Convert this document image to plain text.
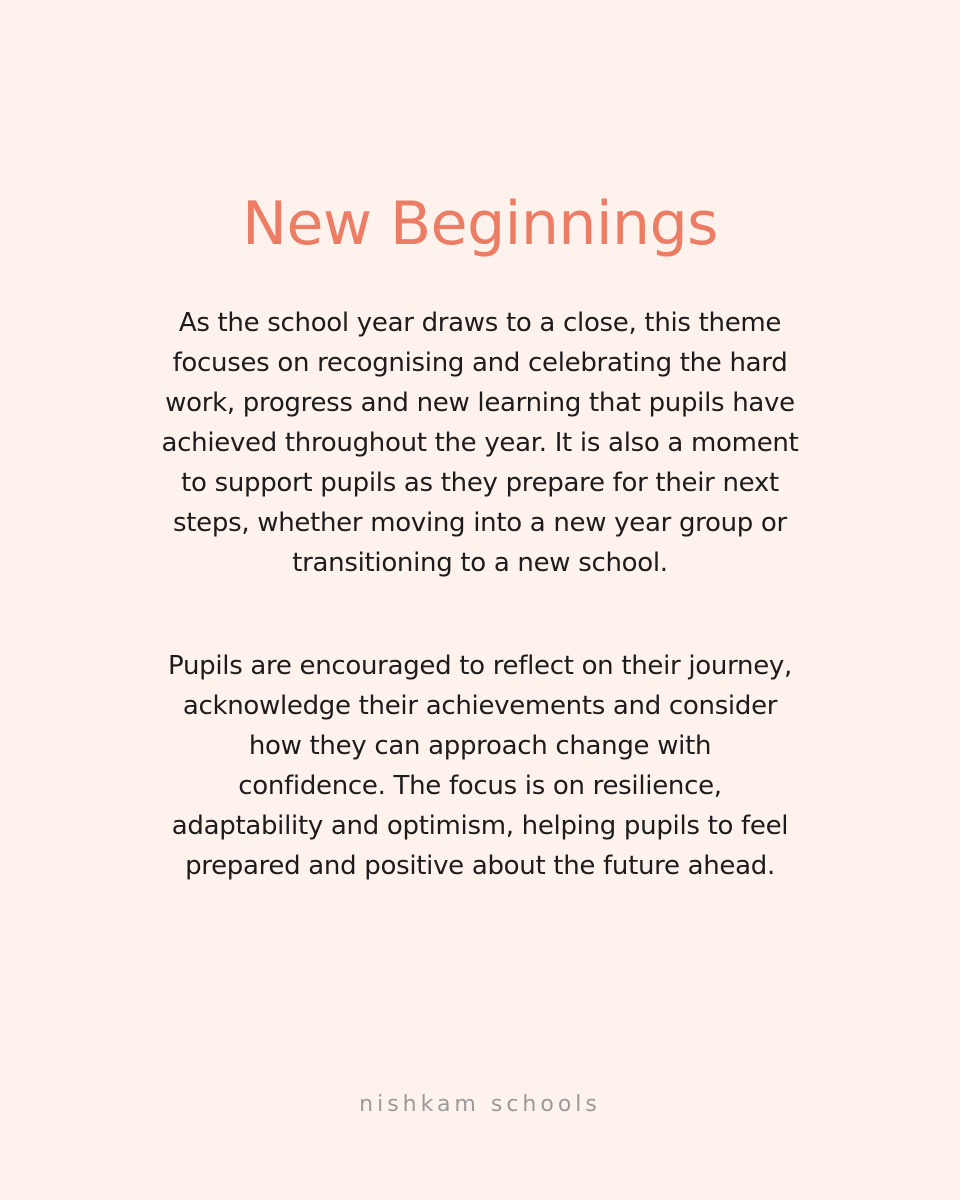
New Beginnings

As the school year draws to a close, this theme
focuses on recognising and celebrating the hard
work, progress and new learning that pupils have
achieved throughout the year. It is also a moment
to support pupils as they prepare for their next
steps, whether moving into a new year group or
transitioning to a new school.

Pupils are encouraged to reflect on their journey,
acknowledge their achievements and consider
how they can approach change with
confidence. The focus is on resilience,
adaptability and optimism, helping pupils to feel
prepared and positive about the future ahead.

nishkam schools
